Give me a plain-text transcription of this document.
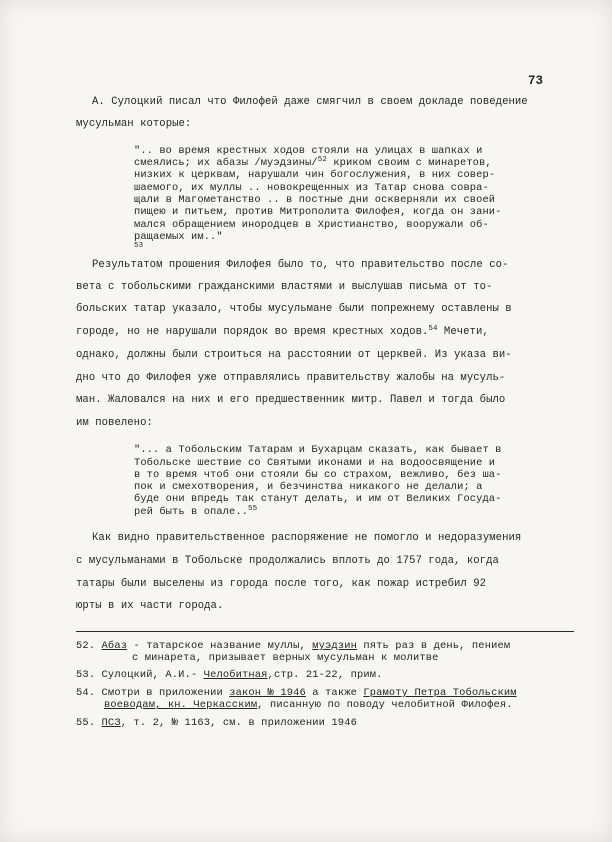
73

А. Сулоцкий писал что Филофей даже смягчил в своем докладе поведение

мусульман которые:

".. во время крестных ходов стояли на улицах в шапках и

смеялись; их абазы /муэдзины/$^{52}$ криком своим с минаретов,

низких к церквам, нарушали чин богослужения, в них совер-

шаемого, их муллы .. новокрещенных из Татар снова совра-

щали в Магометанство .. в постные дни оскверняли их своей

пищею и питьем, против Митрополита Филофея, когда он зани-

мался обращением инородцев в Христианство, вооружали об-

ращаемых им.."

$^{53}$

Результатом прошения Филофея было то, что правительство после со-

вета с тобольскими гражданскими властями и выслушав письма от то-

больских татар указало, чтобы мусульмане были попрежнему оставлены в

городе, но не нарушали порядок во время крестных ходов.$^{54}$ Мечети,

однако, должны были строиться на расстоянии от церквей. Из указа ви-

дно что до Филофея уже отправлялись правительству жалобы на мусуль-

ман. Жаловался на них и его предшественник митр. Павел и тогда было

им повелено:

"... а Тобольским Татарам и Бухарцам сказать, как бывает в

Тобольске шествие со Святыми иконами и на водоосвящение и

в то время чтоб они стояли бы со страхом, вежливо, без ша-

пок и смехотворения, и безчинства никакого не делали; а

буде они впредь так станут делать, и им от Великих Госуда-

рей быть в опале..$^{55}$

Как видно правительственное распоряжение не помогло и недоразумения

с мусульманами в Тобольске продолжались вплоть до 1757 года, когда

татары были выселены из города после того, как пожар истребил 92

юрты в их части города.

52. Абаз - татарское название муллы, муэдзин пять раз в день, пением

с минарета, призывает верных мусульман к молитве

53. Сулоцкий, А.И.- Челобитная,стр. 21-22, прим.

54. Смотри в приложении закон № 1946 а также Грамоту Петра Тобольским

воеводам, кн. Черкасским, писанную по поводу челобитной Филофея.

55. ПСЗ, т. 2, № 1163, см. в приложении 1946
